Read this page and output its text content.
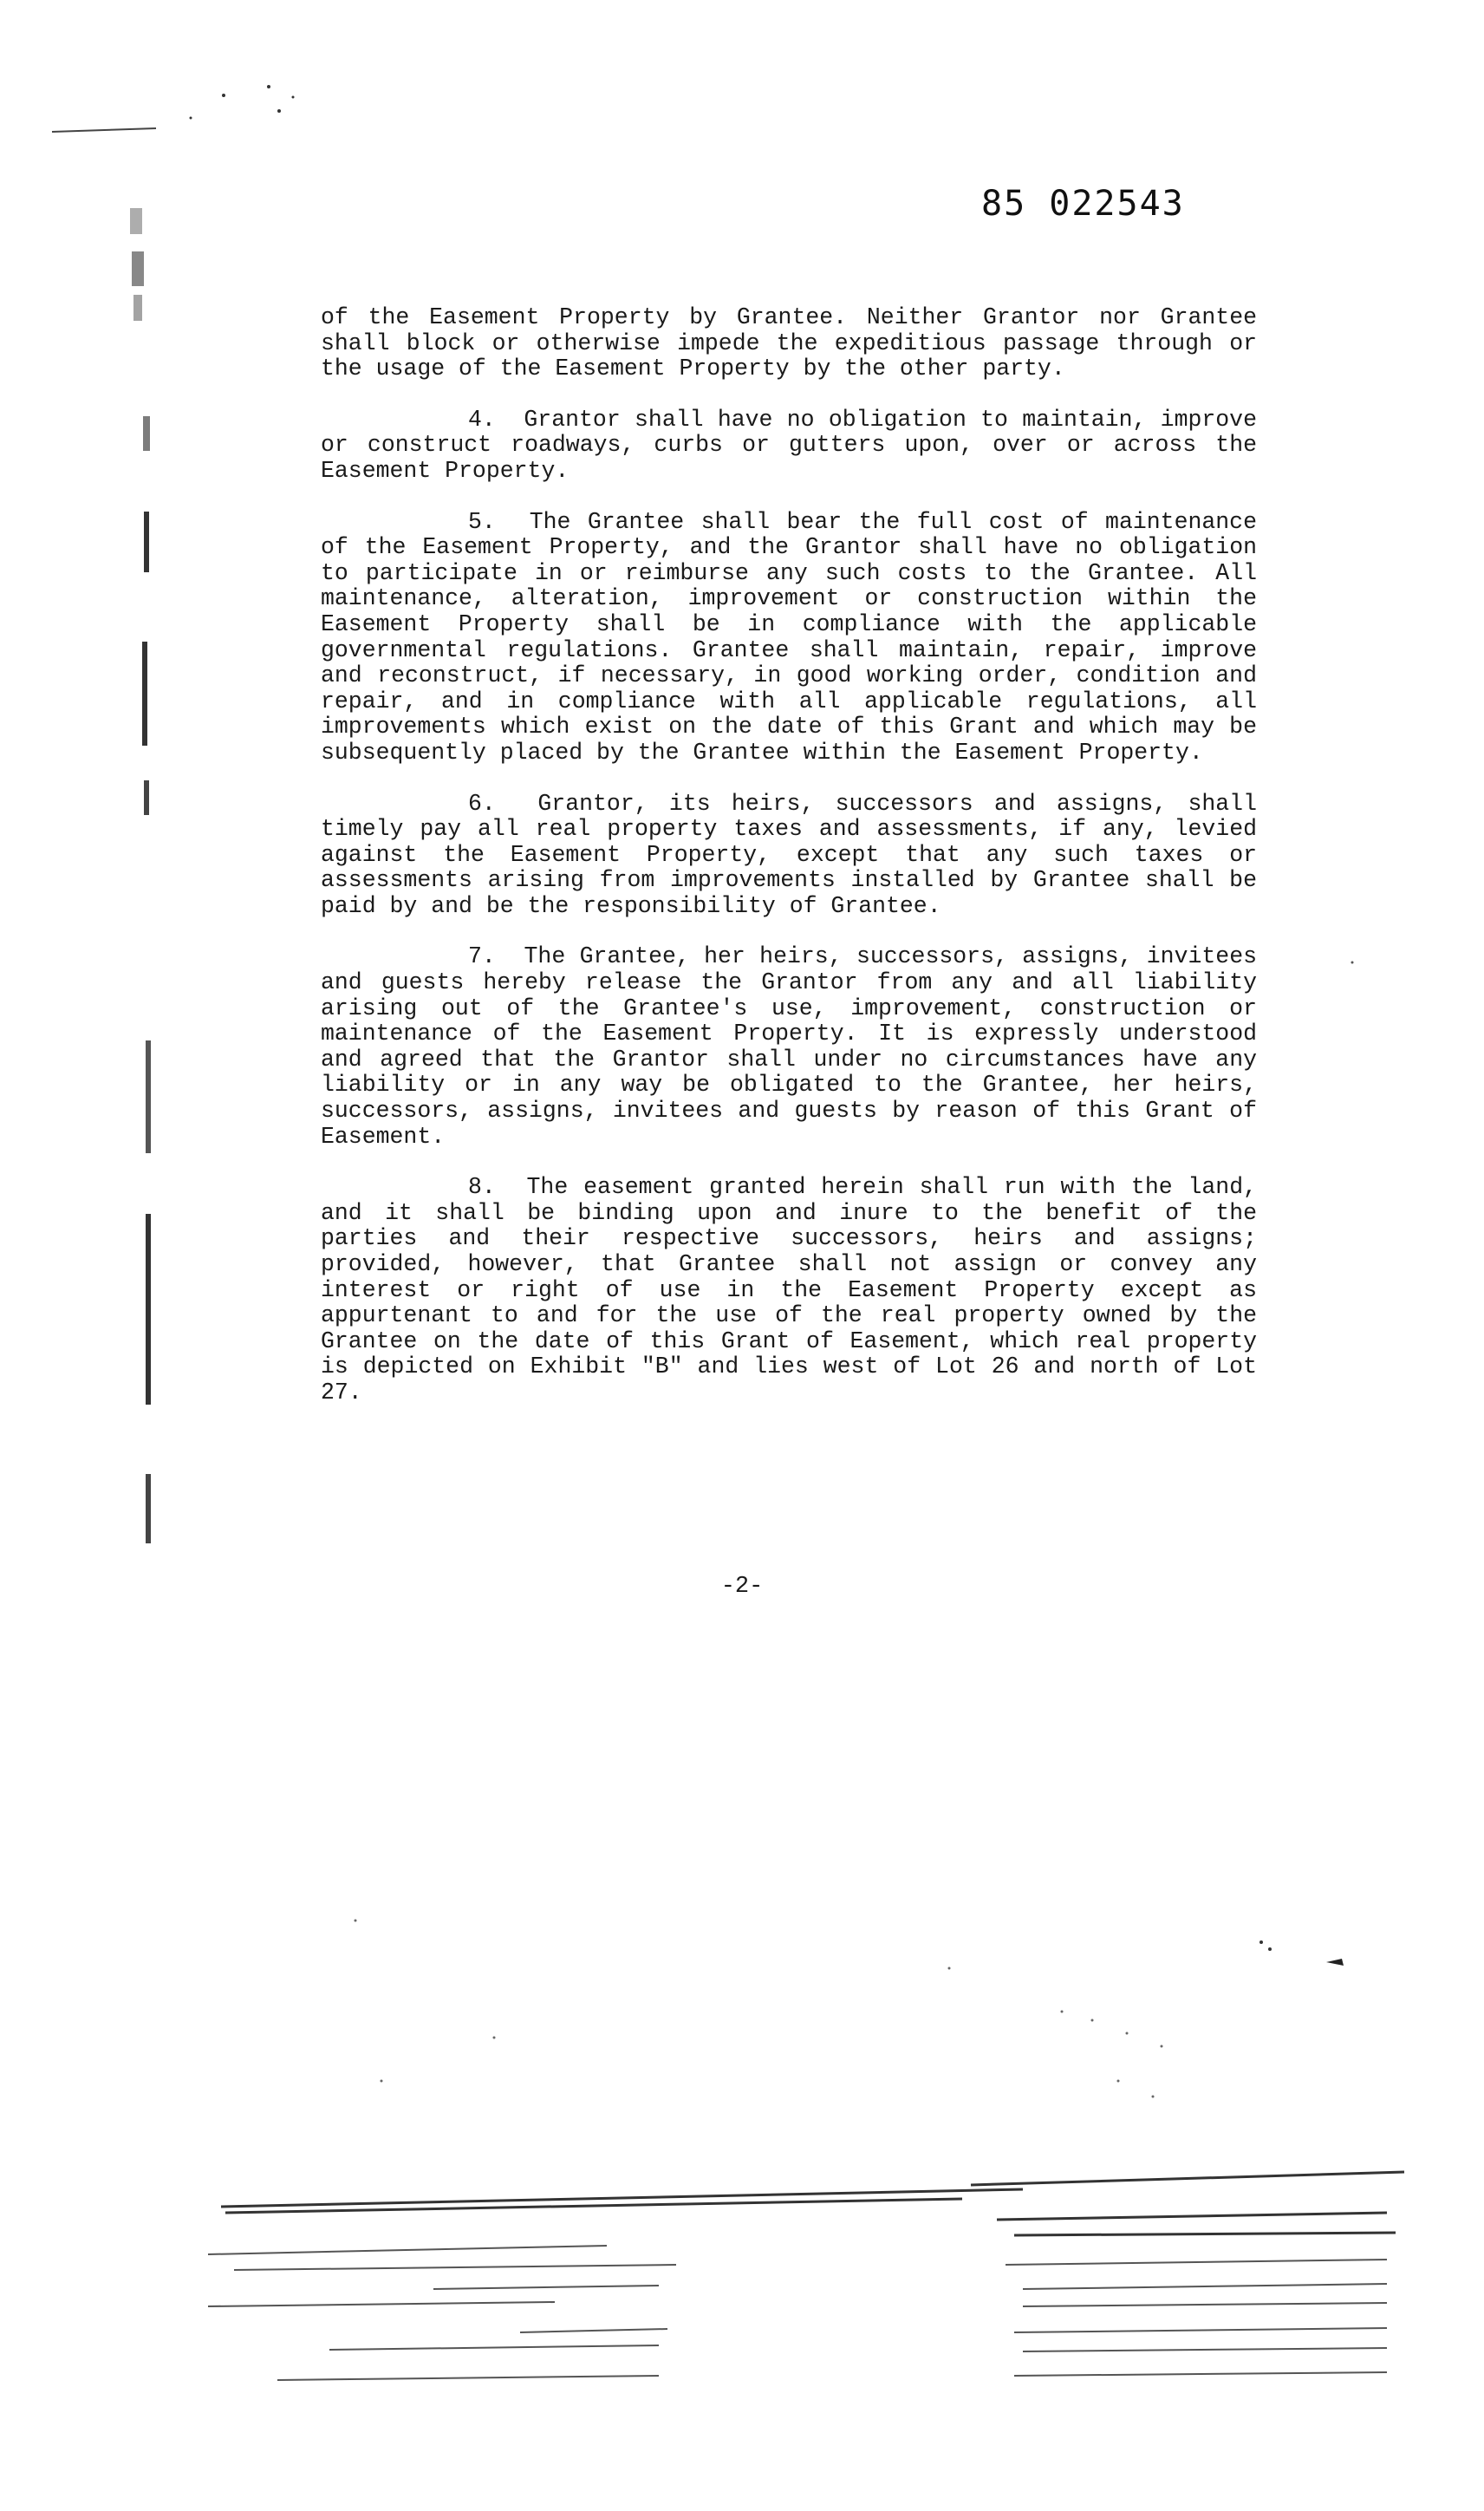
85 022543

of the Easement Property by Grantee. Neither Grantor nor Grantee shall block or otherwise impede the expeditious passage through or the usage of the Easement Property by the other party.

4. Grantor shall have no obligation to maintain, improve or construct roadways, curbs or gutters upon, over or across the Easement Property.

5. The Grantee shall bear the full cost of maintenance of the Easement Property, and the Grantor shall have no obligation to participate in or reimburse any such costs to the Grantee. All maintenance, alteration, improvement or construction within the Easement Property shall be in compliance with the applicable governmental regulations. Grantee shall maintain, repair, improve and reconstruct, if necessary, in good working order, condition and repair, and in compliance with all applicable regulations, all improvements which exist on the date of this Grant and which may be subsequently placed by the Grantee within the Easement Property.

6. Grantor, its heirs, successors and assigns, shall timely pay all real property taxes and assessments, if any, levied against the Easement Property, except that any such taxes or assessments arising from improvements installed by Grantee shall be paid by and be the responsibility of Grantee.

7. The Grantee, her heirs, successors, assigns, invitees and guests hereby release the Grantor from any and all liability arising out of the Grantee's use, improvement, construction or maintenance of the Easement Property. It is expressly understood and agreed that the Grantor shall under no circumstances have any liability or in any way be obligated to the Grantee, her heirs, successors, assigns, invitees and guests by reason of this Grant of Easement.

8. The easement granted herein shall run with the land, and it shall be binding upon and inure to the benefit of the parties and their respective successors, heirs and assigns; provided, however, that Grantee shall not assign or convey any interest or right of use in the Easement Property except as appurtenant to and for the use of the real property owned by the Grantee on the date of this Grant of Easement, which real property is depicted on Exhibit "B" and lies west of Lot 26 and north of Lot 27.

-2-
